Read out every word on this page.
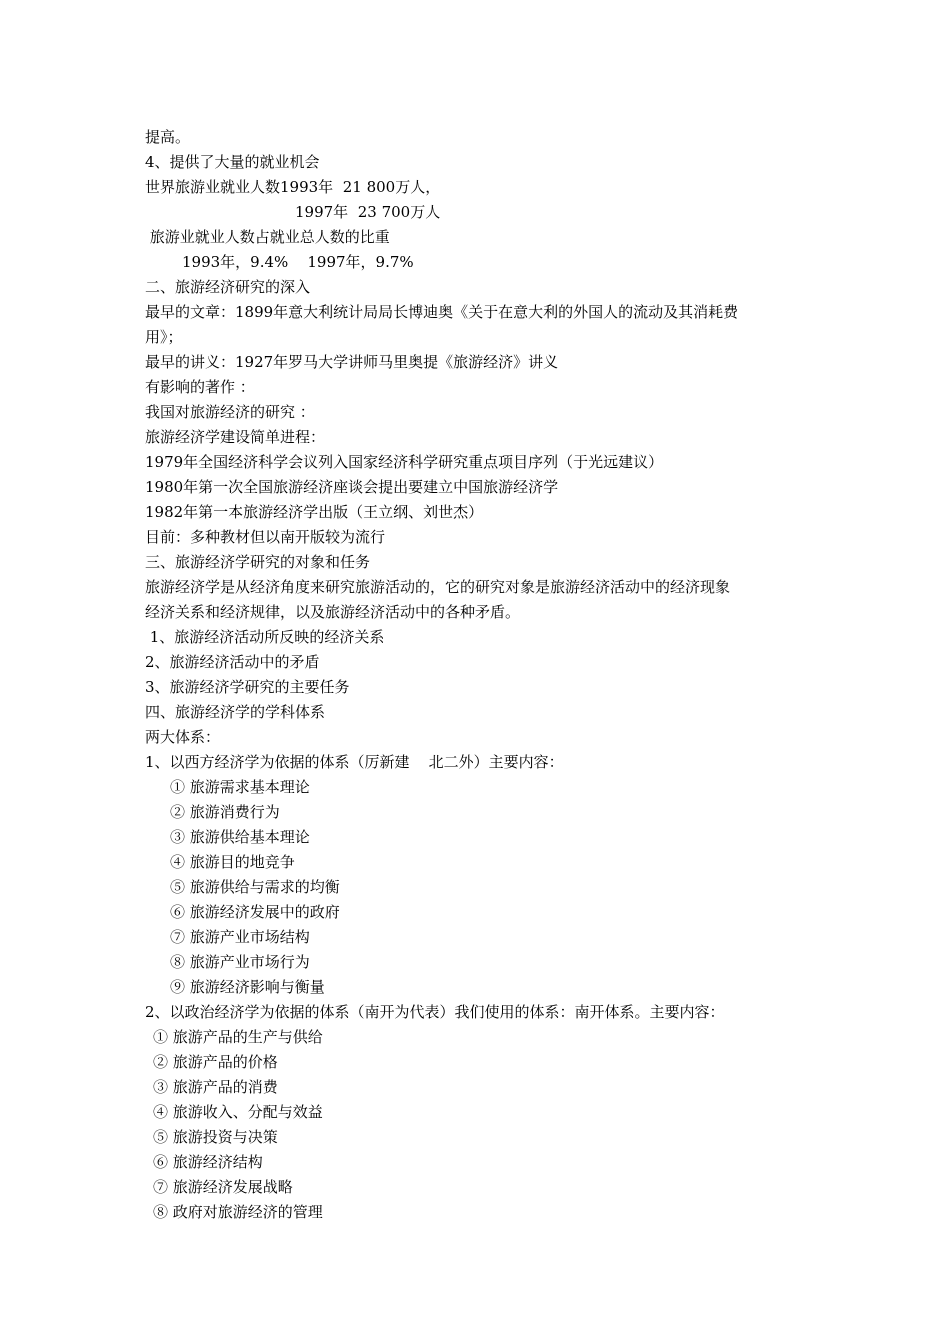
提高。
4、提供了大量的就业机会
世界旅游业就业人数1993年  21 800万人，
1997年  23 700万人
旅游业就业人数占就业总人数的比重
1993年，9.4%    1997年，9.7%
二、旅游经济研究的深入
最早的文章：1899年意大利统计局局长博迪奥《关于在意大利的外国人的流动及其消耗费
用》；
最早的讲义：1927年罗马大学讲师马里奥提《旅游经济》讲义
有影响的著作 ：
我国对旅游经济的研究 ：
旅游经济学建设简单进程：
1979年全国经济科学会议列入国家经济科学研究重点项目序列（于光远建议）
1980年第一次全国旅游经济座谈会提出要建立中国旅游经济学
1982年第一本旅游经济学出版（王立纲、刘世杰）
目前：多种教材但以南开版较为流行
三、旅游经济学研究的对象和任务
旅游经济学是从经济角度来研究旅游活动的，它的研究对象是旅游经济活动中的经济现象
经济关系和经济规律，以及旅游经济活动中的各种矛盾。
1、旅游经济活动所反映的经济关系
2、旅游经济活动中的矛盾
3、旅游经济学研究的主要任务
四、旅游经济学的学科体系
两大体系：
1、以西方经济学为依据的体系（厉新建    北二外）主要内容：
① 旅游需求基本理论
② 旅游消费行为
③ 旅游供给基本理论
④ 旅游目的地竞争
⑤ 旅游供给与需求的均衡
⑥ 旅游经济发展中的政府
⑦ 旅游产业市场结构
⑧ 旅游产业市场行为
⑨ 旅游经济影响与衡量
2、以政治经济学为依据的体系（南开为代表）我们使用的体系：南开体系。主要内容：
① 旅游产品的生产与供给
② 旅游产品的价格
③ 旅游产品的消费
④ 旅游收入、分配与效益
⑤ 旅游投资与决策
⑥ 旅游经济结构
⑦ 旅游经济发展战略
⑧ 政府对旅游经济的管理
